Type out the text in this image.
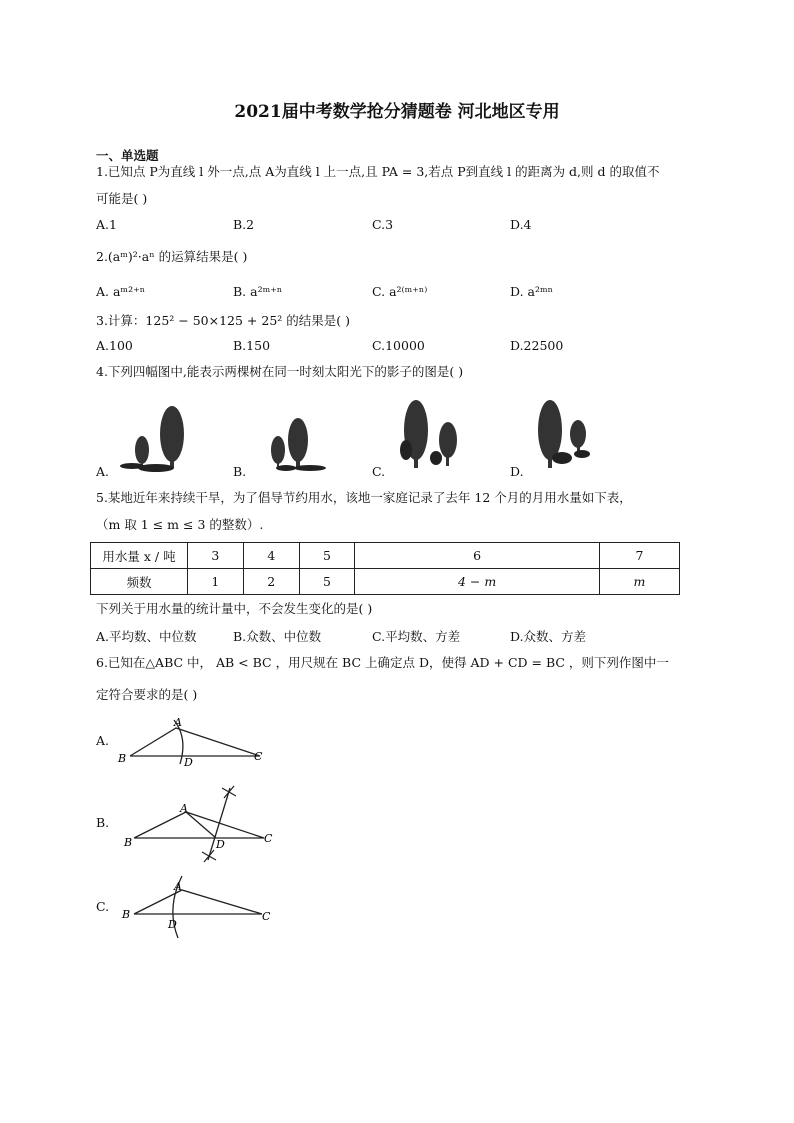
2021届中考数学抢分猜题卷 河北地区专用
一、单选题
1.已知点 P为直线 l 外一点,点 A为直线 l 上一点,且 PA = 3,若点 P到直线 l 的距离为 d,则 d 的取值不
可能是( )
A.1	B.2	C.3	D.4
2.(aᵐ)²·aⁿ 的运算结果是( )
A. aᵐ²⁺ⁿ	B. a²ᵐ⁺ⁿ	C. a²⁽ᵐ⁺ⁿ⁾	D. a²ᵐⁿ
3.计算：125² − 50×125 + 25² 的结果是( )
A.100	B.150	C.10000	D.22500
4.下列四幅图中,能表示两棵树在同一时刻太阳光下的影子的图是( )
A.	B.	C.	D.
5.某地近年来持续干旱，为了倡导节约用水，该地一家庭记录了去年 12 个月的月用水量如下表，
（m 取 1 ≤ m ≤ 3 的整数）.
用水量 x / 吨	3	4	5	6	7
频数	1	2	5	4 − m	m
下列关于用水量的统计量中，不会发生变化的是( )
A.平均数、中位数	B.众数、中位数	C.平均数、方差	D.众数、方差
6.已知在△ABC 中， AB < BC ，用尺规在 BC 上确定点 D，使得 AD + CD = BC ，则下列作图中一
定符合要求的是( )
A.
A
B	D	C
B.
A
B	D	C
C.
A
B
D
C
